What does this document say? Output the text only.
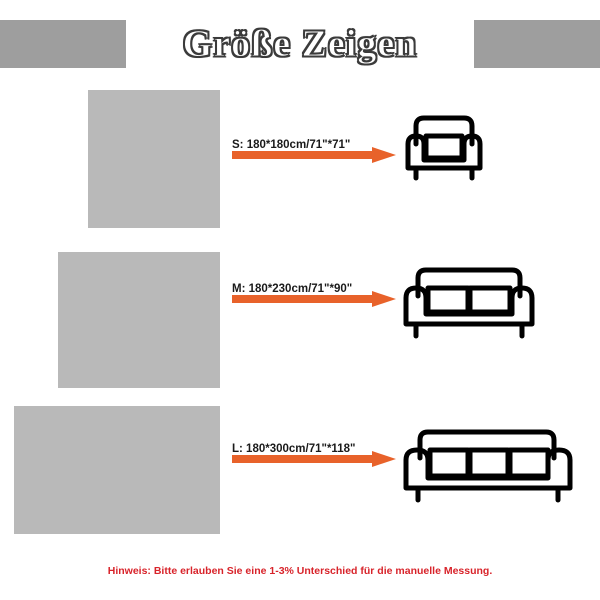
Größe Zeigen
S: 180*180cm/71"*71"
M: 180*230cm/71"*90"
L: 180*300cm/71"*118"
Hinweis: Bitte erlauben Sie eine 1-3% Unterschied für die manuelle Messung.
